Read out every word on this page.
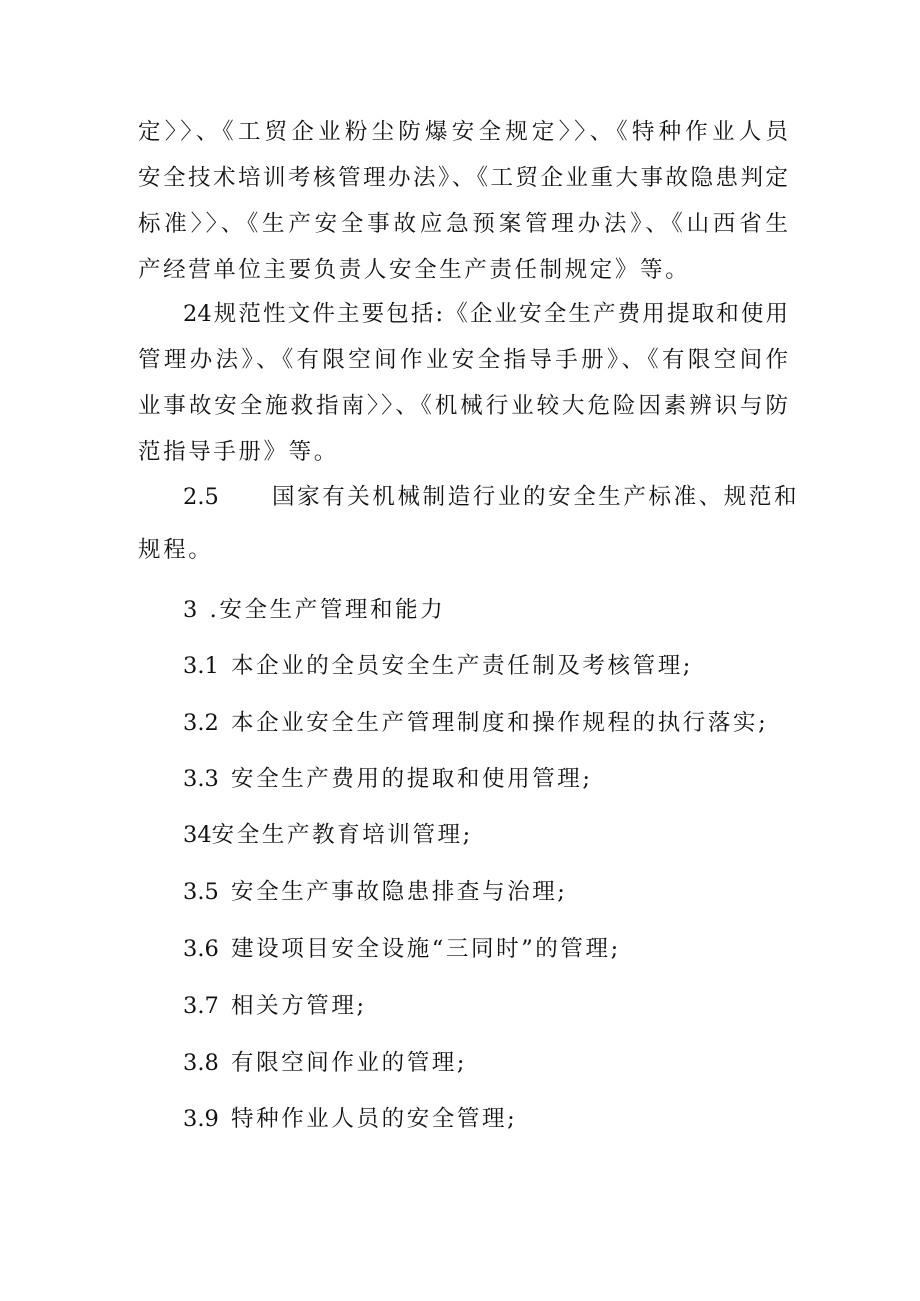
定〉〉、《工贸企业粉尘防爆安全规定〉〉、《特种作业人员
安全技术培训考核管理办法》、《工贸企业重大事故隐患判定
标准〉〉、《生产安全事故应急预案管理办法》、《山西省生
产经营单位主要负责人安全生产责任制规定》等。
24规范性文件主要包括:《企业安全生产费用提取和使用
管理办法》、《有限空间作业安全指导手册》、《有限空间作
业事故安全施救指南〉〉、《机械行业较大危险因素辨识与防
范指导手册》等。
2.5 国家有关机械制造行业的安全生产标准、规范和
规程。
3 .安全生产管理和能力
3.1 本企业的全员安全生产责任制及考核管理;
3.2 本企业安全生产管理制度和操作规程的执行落实;
3.3 安全生产费用的提取和使用管理;
34安全生产教育培训管理;
3.5 安全生产事故隐患排查与治理;
3.6 建设项目安全设施“三同时”的管理;
3.7 相关方管理;
3.8 有限空间作业的管理;
3.9 特种作业人员的安全管理;
